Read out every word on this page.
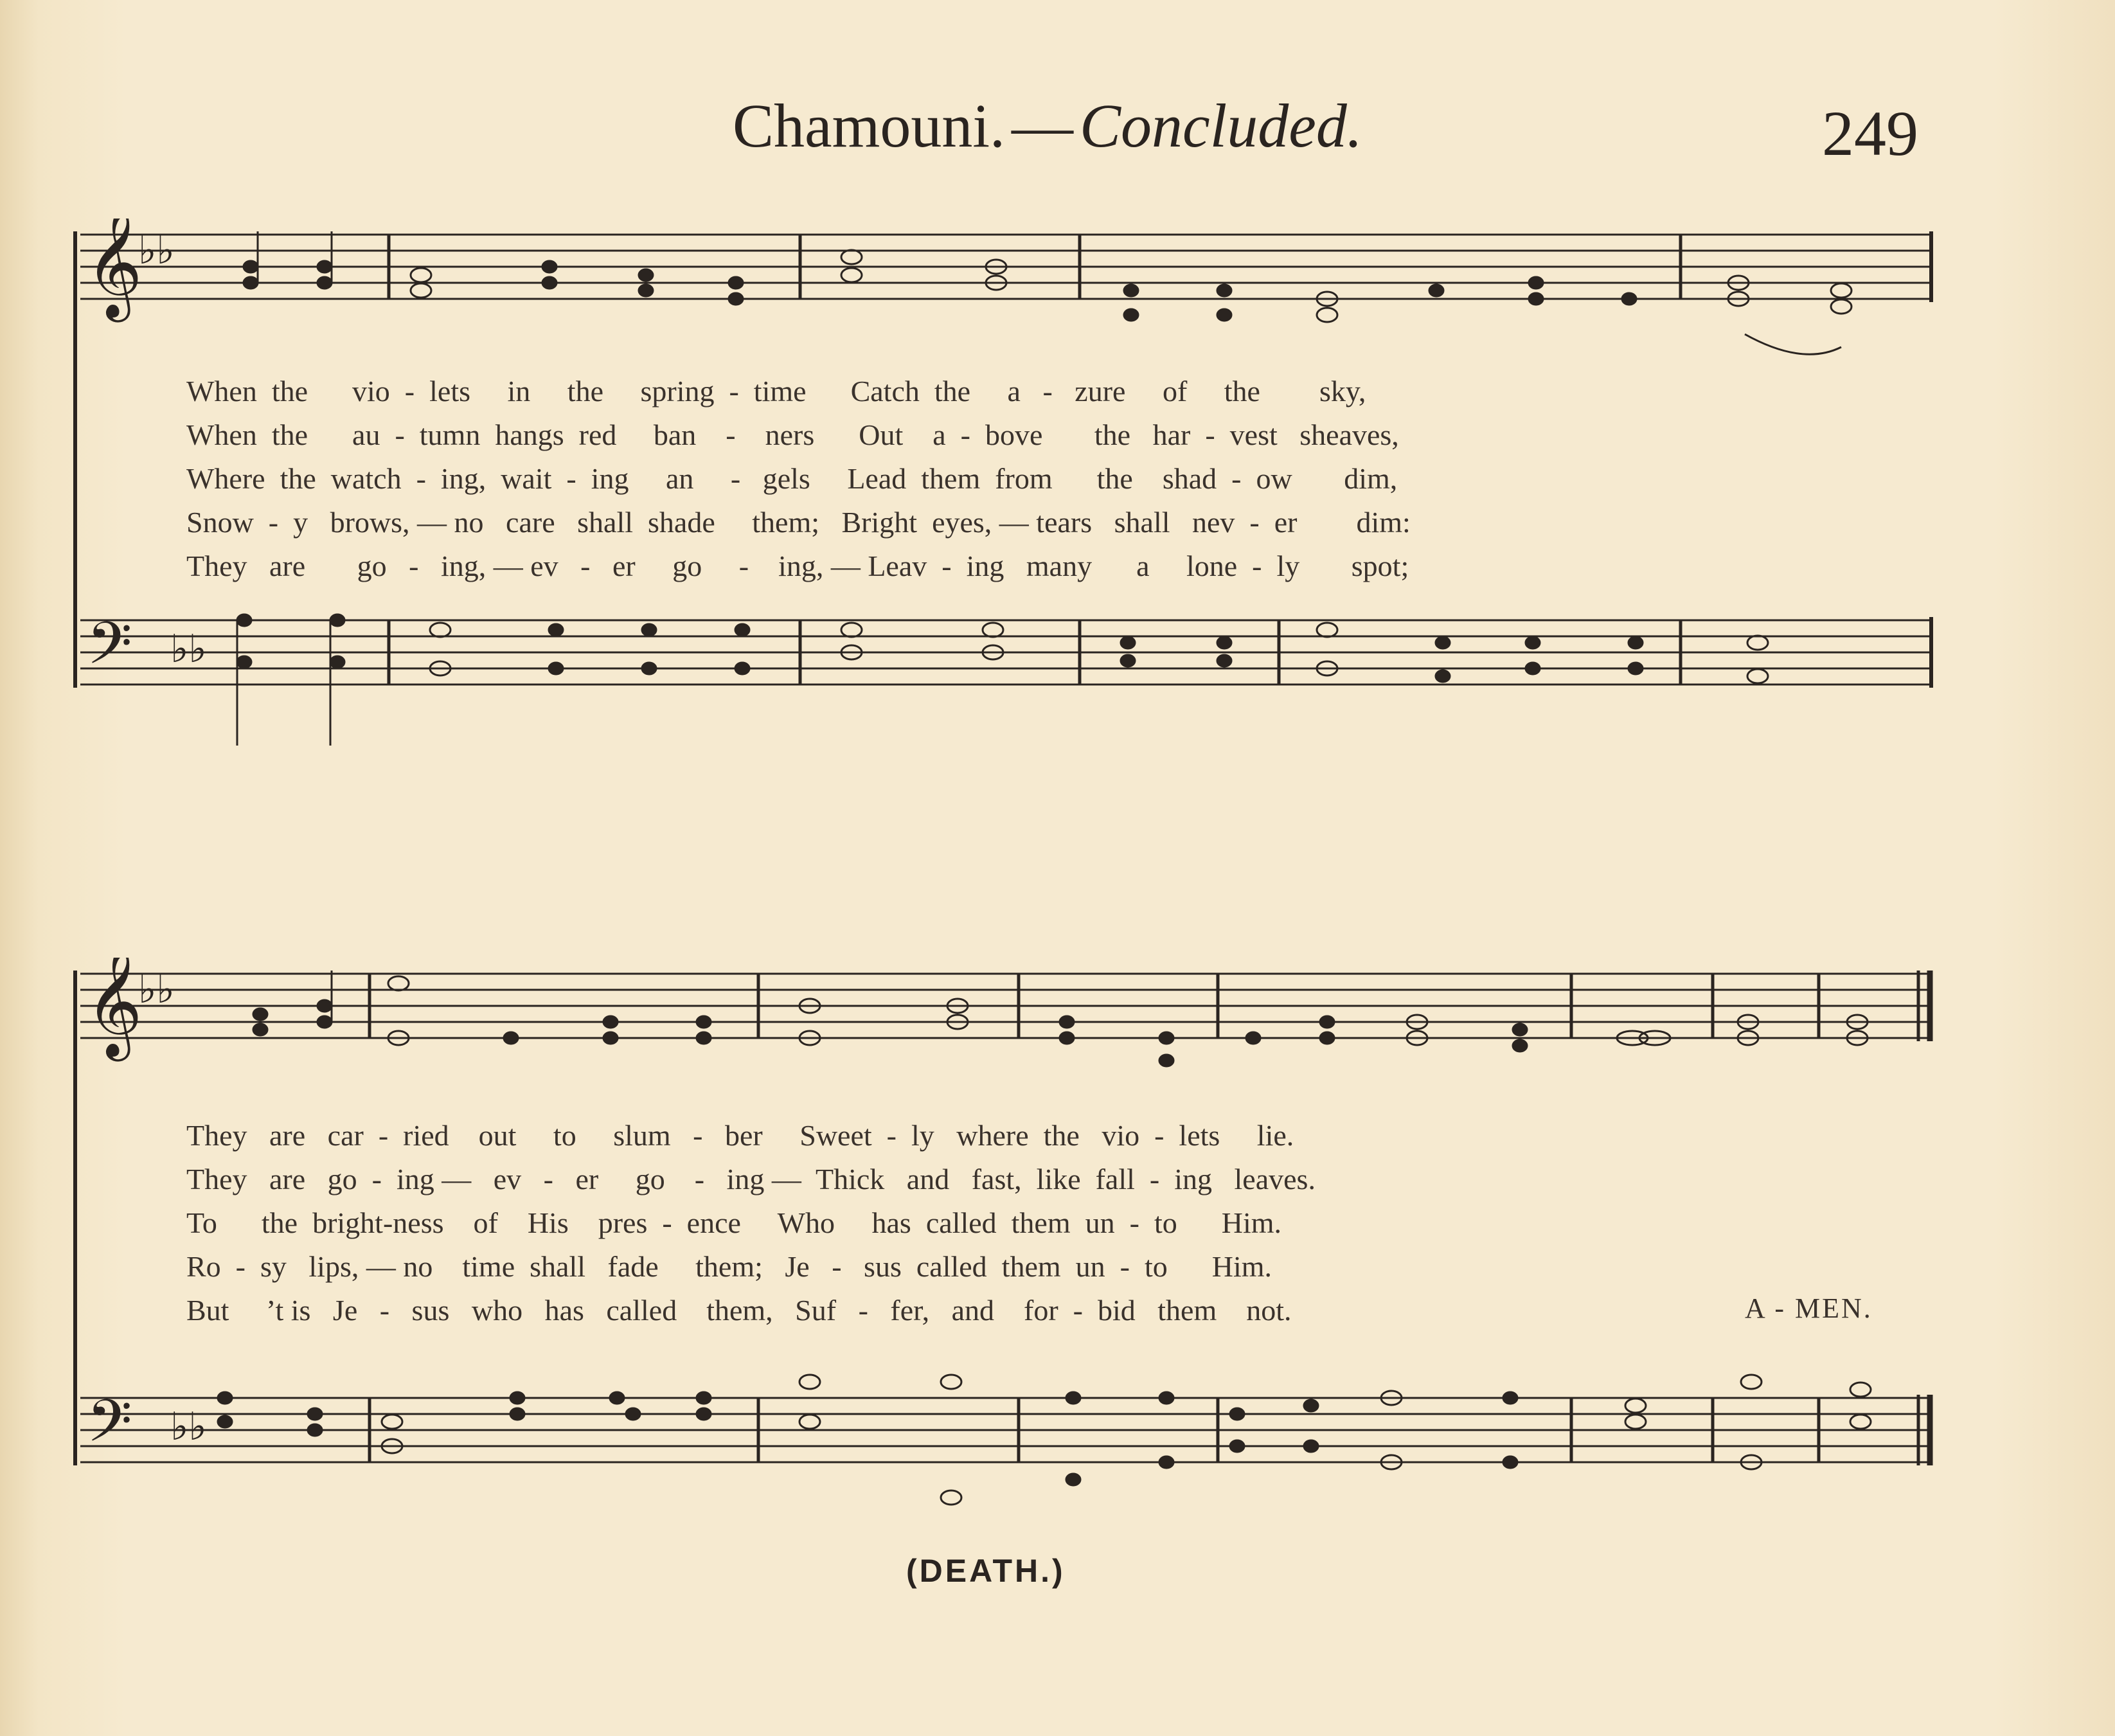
Chamouni. — Concluded.	249
𝄞
𝄢
♭♭
♭♭
When  the      vio  -  lets     in     the     spring  -  time      Catch  the     a   -   zure     of     the        sky,
When  the      au  -  tumn  hangs  red     ban    -    ners      Out    a  -  bove       the   har  -  vest   sheaves,
Where  the  watch  -  ing,  wait  -  ing     an     -   gels     Lead  them  from      the    shad  -  ow       dim,
Snow  -  y   brows, — no   care   shall  shade     them;   Bright  eyes, — tears   shall   nev  -  er        dim:
They   are       go   -   ing, — ev   -   er     go     -    ing, — Leav  -  ing   many      a     lone  -  ly       spot;
𝄞
𝄢
♭♭
♭♭
They   are   car  -  ried    out     to     slum   -   ber     Sweet  -  ly   where  the   vio  -  lets     lie.
They   are   go  -  ing —   ev   -   er     go    -   ing —  Thick   and   fast,  like  fall  -  ing   leaves.
To      the  bright-ness    of    His    pres  -  ence     Who     has  called  them  un  -  to      Him.
Ro  -  sy   lips, — no    time  shall   fade     them;   Je   -   sus  called  them  un  -  to      Him.
But     ’t is   Je   -   sus   who   has   called    them,   Suf   -   fer,   and    for  -  bid   them    not.	A - MEN.
(DEATH.)
